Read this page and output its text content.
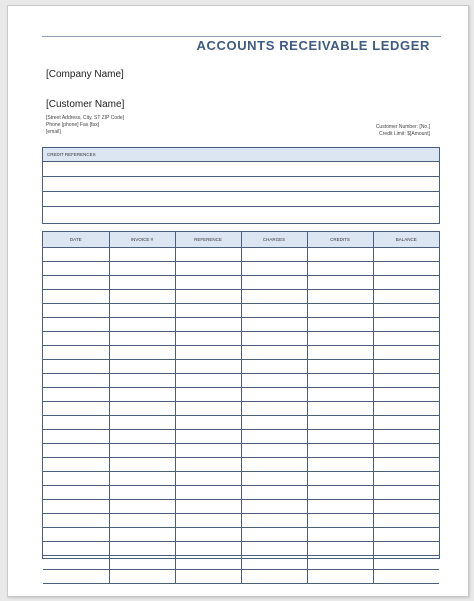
ACCOUNTS RECEIVABLE LEDGER
[Company Name]
[Customer Name]
[Street Address, City, ST ZIP Code]
Phone [phone] Fax [fax]
[email]
Customer Number: [No.]
Credit Limit: $[Amount]
CREDIT REFERENCES
DATE	INVOICE #	REFERENCE	CHARGES	CREDITS	BALANCE
